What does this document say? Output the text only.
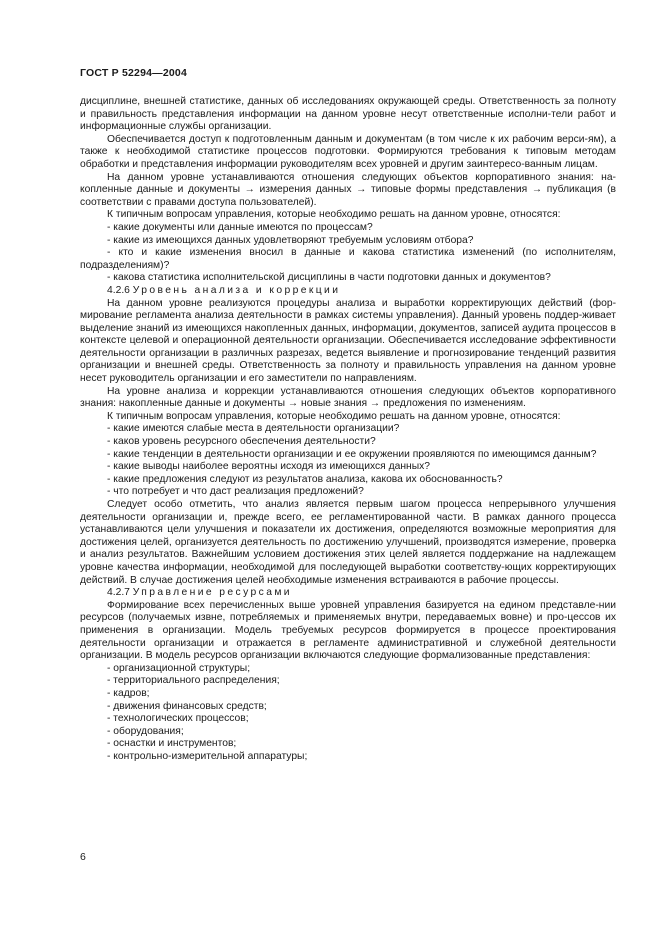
ГОСТ Р 52294—2004

дисциплине, внешней статистике, данных об исследованиях окружающей среды. Ответственность за полноту и правильность представления информации на данном уровне несут ответственные исполни-тели работ и информационные службы организации.

Обеспечивается доступ к подготовленным данным и документам (в том числе к их рабочим верси-ям), а также к необходимой статистике процессов подготовки. Формируются требования к типовым методам обработки и представления информации руководителям всех уровней и другим заинтересо-ванным лицам.

На данном уровне устанавливаются отношения следующих объектов корпоративного знания: на-копленные данные и документы → измерения данных → типовые формы представления → публикация (в соответствии с правами доступа пользователей).

К типичным вопросам управления, которые необходимо решать на данном уровне, относятся:

- какие документы или данные имеются по процессам?

- какие из имеющихся данных удовлетворяют требуемым условиям отбора?

- кто и какие изменения вносил в данные и какова статистика изменений (по исполнителям, подразделениям)?

- какова статистика исполнительской дисциплины в части подготовки данных и документов?

4.2.6 Уровень анализа и коррекции

На данном уровне реализуются процедуры анализа и выработки корректирующих действий (фор-мирование регламента анализа деятельности в рамках системы управления). Данный уровень поддер-живает выделение знаний из имеющихся накопленных данных, информации, документов, записей аудита процессов в контексте целевой и операционной деятельности организации. Обеспечивается исследование эффективности деятельности организации в различных разрезах, ведется выявление и прогнозирование тенденций развития организации и внешней среды. Ответственность за полноту и правильность управления на данном уровне несет руководитель организации и его заместители по направлениям.

На уровне анализа и коррекции устанавливаются отношения следующих объектов корпоративного знания: накопленные данные и документы → новые знания → предложения по изменениям.

К типичным вопросам управления, которые необходимо решать на данном уровне, относятся:

- какие имеются слабые места в деятельности организации?

- каков уровень ресурсного обеспечения деятельности?

- какие тенденции в деятельности организации и ее окружении проявляются по имеющимся данным?

- какие выводы наиболее вероятны исходя из имеющихся данных?

- какие предложения следуют из результатов анализа, какова их обоснованность?

- что потребует и что даст реализация предложений?

Следует особо отметить, что анализ является первым шагом процесса непрерывного улучшения деятельности организации и, прежде всего, ее регламентированной части. В рамках данного процесса устанавливаются цели улучшения и показатели их достижения, определяются возможные мероприятия для достижения целей, организуется деятельность по достижению улучшений, производятся измерение, проверка и анализ результатов. Важнейшим условием достижения этих целей является поддержание на надлежащем уровне качества информации, необходимой для последующей выработки соответству-ющих корректирующих действий. В случае достижения целей необходимые изменения встраиваются в рабочие процессы.

4.2.7 Управление ресурсами

Формирование всех перечисленных выше уровней управления базируется на едином представле-нии ресурсов (получаемых извне, потребляемых и применяемых внутри, передаваемых вовне) и про-цессов их применения в организации. Модель требуемых ресурсов формируется в процессе проектирования деятельности организации и отражается в регламенте административной и служебной деятельности организации. В модель ресурсов организации включаются следующие формализованные представления:

- организационной структуры;

- территориального распределения;

- кадров;

- движения финансовых средств;

- технологических процессов;

- оборудования;

- оснастки и инструментов;

- контрольно-измерительной аппаратуры;

6
